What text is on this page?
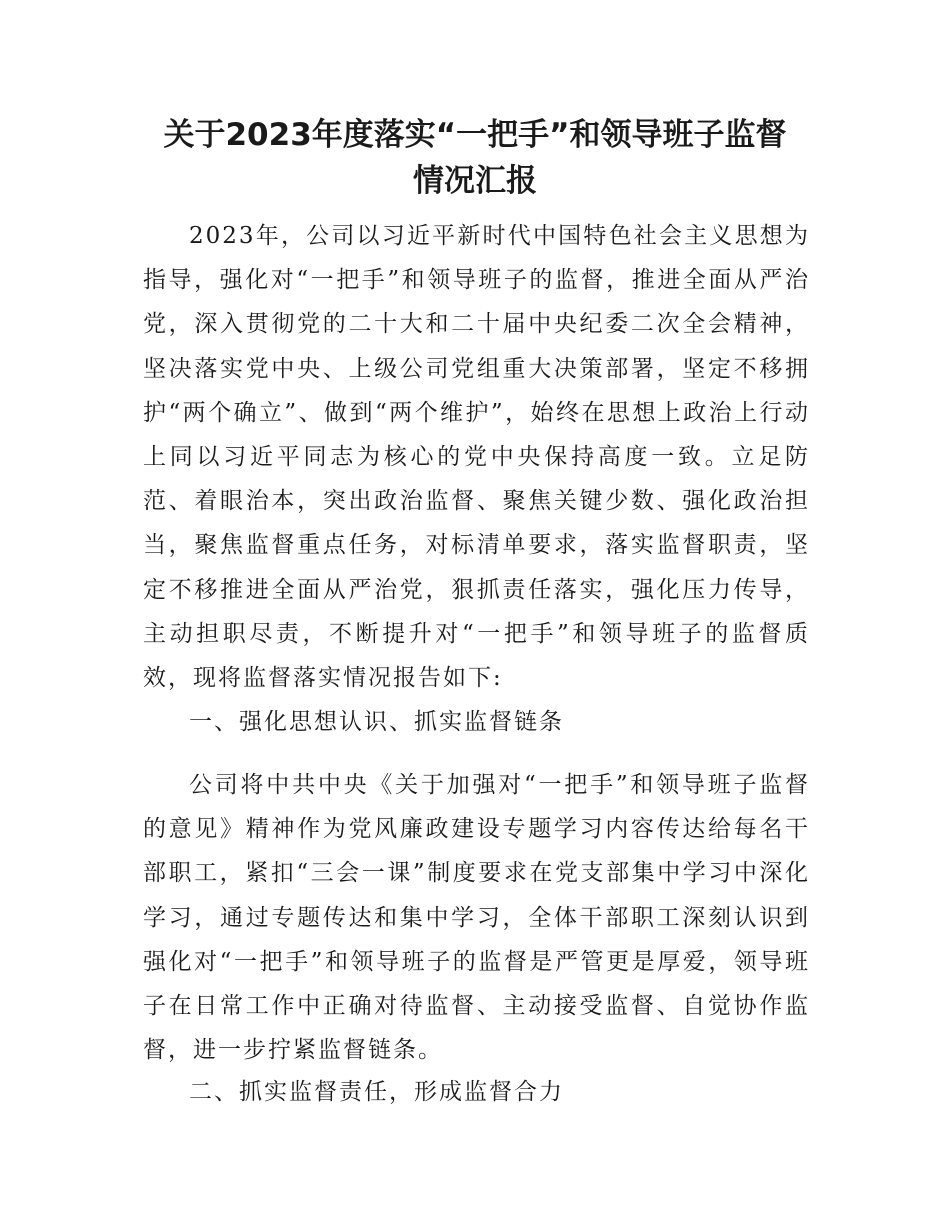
关于2023年度落实“一把手”和领导班子监督
情况汇报

2023年，公司以习近平新时代中国特色社会主义思想为指导，强化对“一把手”和领导班子的监督，推进全面从严治党，深入贯彻党的二十大和二十届中央纪委二次全会精神，坚决落实党中央、上级公司党组重大决策部署，坚定不移拥护“两个确立”、做到“两个维护”，始终在思想上政治上行动上同以习近平同志为核心的党中央保持高度一致。立足防范、着眼治本，突出政治监督、聚焦关键少数、强化政治担当，聚焦监督重点任务，对标清单要求，落实监督职责，坚定不移推进全面从严治党，狠抓责任落实，强化压力传导，主动担职尽责，不断提升对“一把手”和领导班子的监督质效，现将监督落实情况报告如下:

一、强化思想认识、抓实监督链条

公司将中共中央《关于加强对“一把手”和领导班子监督的意见》精神作为党风廉政建设专题学习内容传达给每名干部职工，紧扣“三会一课”制度要求在党支部集中学习中深化学习，通过专题传达和集中学习，全体干部职工深刻认识到强化对“一把手”和领导班子的监督是严管更是厚爱，领导班子在日常工作中正确对待监督、主动接受监督、自觉协作监督，进一步拧紧监督链条。

二、抓实监督责任，形成监督合力
